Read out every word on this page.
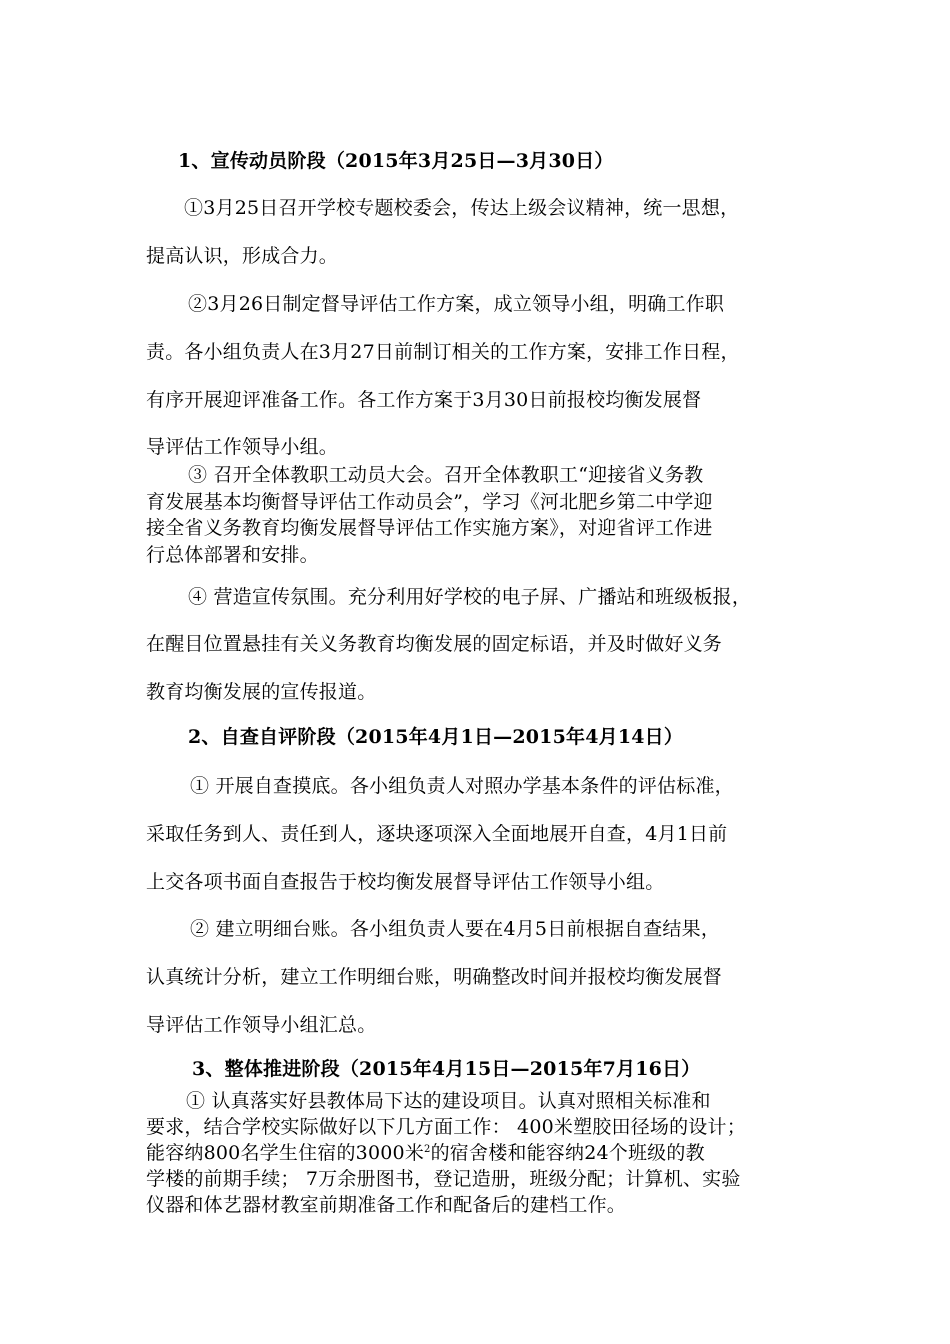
1、宣传动员阶段（2015年3月25日—3月30日）
①3月25日召开学校专题校委会，传达上级会议精神，统一思想，
提高认识，形成合力。
②3月26日制定督导评估工作方案，成立领导小组，明确工作职
责。各小组负责人在3月27日前制订相关的工作方案，安排工作日程，
有序开展迎评准备工作。各工作方案于3月30日前报校均衡发展督
导评估工作领导小组。
③ 召开全体教职工动员大会。召开全体教职工“迎接省义务教
育发展基本均衡督导评估工作动员会”，学习《河北肥乡第二中学迎
接全省义务教育均衡发展督导评估工作实施方案》，对迎省评工作进
行总体部署和安排。
④ 营造宣传氛围。充分利用好学校的电子屏、广播站和班级板报，
在醒目位置悬挂有关义务教育均衡发展的固定标语，并及时做好义务
教育均衡发展的宣传报道。
2、自查自评阶段（2015年4月1日—2015年4月14日）
① 开展自查摸底。各小组负责人对照办学基本条件的评估标准，
采取任务到人、责任到人，逐块逐项深入全面地展开自查，4月1日前
上交各项书面自查报告于校均衡发展督导评估工作领导小组。
② 建立明细台账。各小组负责人要在4月5日前根据自查结果，
认真统计分析，建立工作明细台账，明确整改时间并报校均衡发展督
导评估工作领导小组汇总。
3、整体推进阶段（2015年4月15日—2015年7月16日）
① 认真落实好县教体局下达的建设项目。认真对照相关标准和
要求，结合学校实际做好以下几方面工作： 400米塑胶田径场的设计；
能容纳800名学生住宿的3000米$^2$的宿舍楼和能容纳24个班级的教
学楼的前期手续； 7万余册图书，登记造册，班级分配；计算机、实验
仪器和体艺器材教室前期准备工作和配备后的建档工作。
